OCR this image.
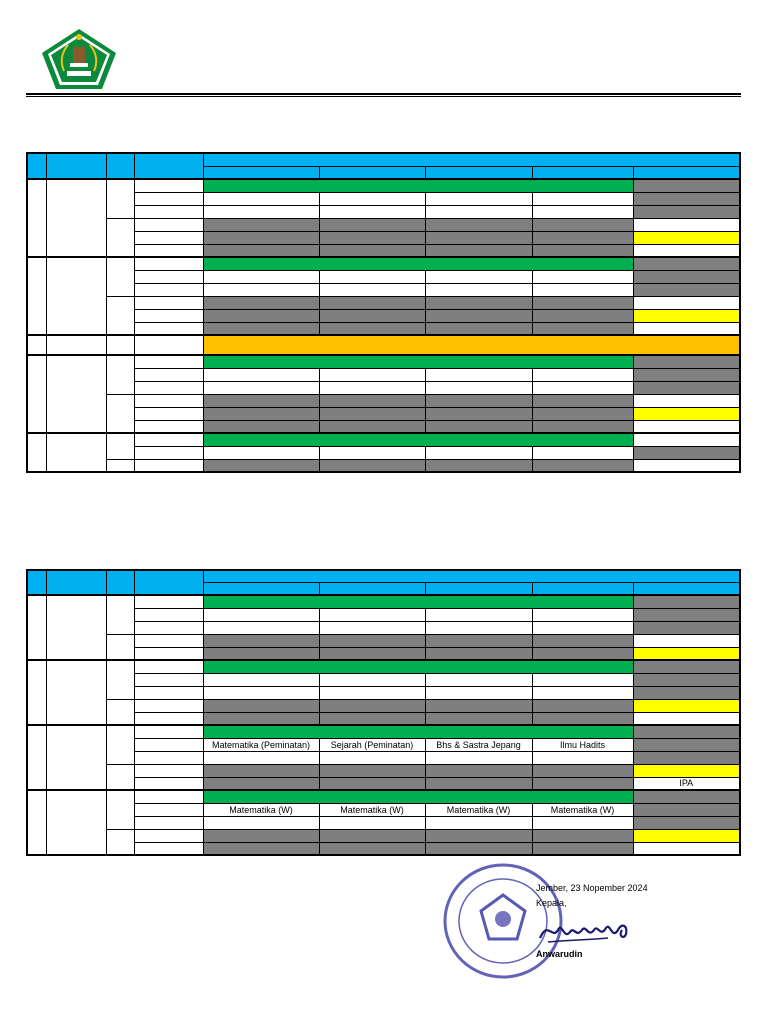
				Matematika (Peminatan)	Sejarah (Peminatan)	Bhs & Sastra Jepang	Ilmu Hadits	

								IPA

				Matematika (W)	Matematika (W)	Matematika (W)	Matematika (W)	

Jember, 23 Nopember 2024
Kepala,
Anwarudin
